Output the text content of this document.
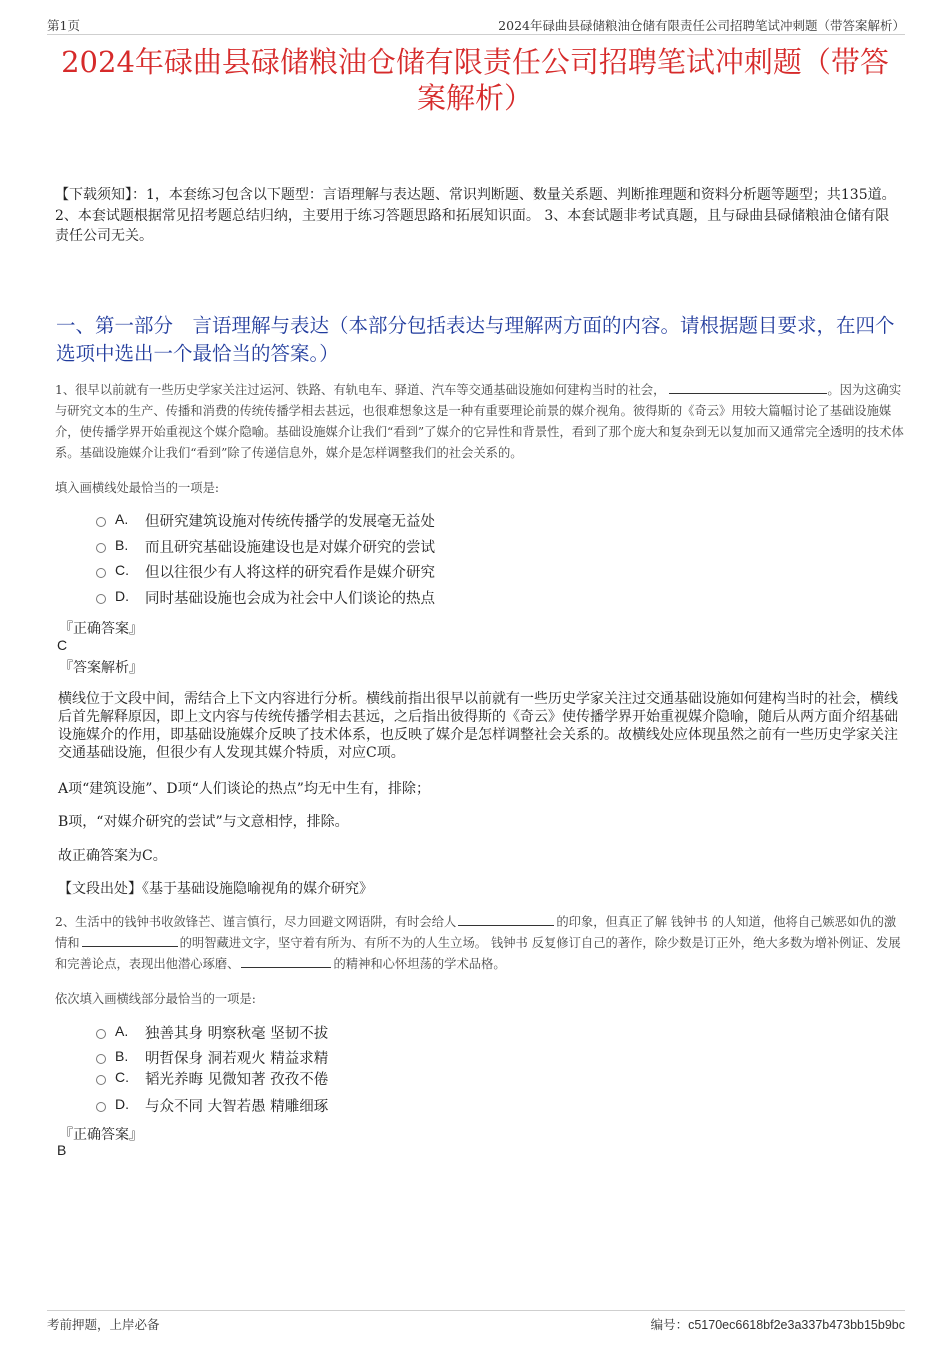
第1页	2024年碌曲县碌储粮油仓储有限责任公司招聘笔试冲刺题（带答案解析）
2024年碌曲县碌储粮油仓储有限责任公司招聘笔试冲刺题（带答案解析）

【下载须知】：1，本套练习包含以下题型：言语理解与表达题、常识判断题、数量关系题、判断推理题和资料分析题等题型；共135道。 2、本套试题根据常见招考题总结归纳，主要用于练习答题思路和拓展知识面。 3、本套试题非考试真题，且与碌曲县碌储粮油仓储有限责任公司无关。

一、第一部分　言语理解与表达（本部分包括表达与理解两方面的内容。请根据题目要求，在四个选项中选出一个最恰当的答案。）

1、很早以前就有一些历史学家关注过运河、铁路、有轨电车、驿道、汽车等交通基础设施如何建构当时的社会，	。因为这确实与研究文本的生产、传播和消费的传统传播学相去甚远，也很难想象这是一种有重要理论前景的媒介视角。彼得斯的《奇云》用较大篇幅讨论了基础设施媒介，使传播学界开始重视这个媒介隐喻。基础设施媒介让我们“看到”了媒介的它异性和背景性，看到了那个庞大和复杂到无以复加而又通常完全透明的技术体系。基础设施媒介让我们“看到”除了传递信息外，媒介是怎样调整我们的社会关系的。

填入画横线处最恰当的一项是:

A. 但研究建筑设施对传统传播学的发展毫无益处
B. 而且研究基础设施建设也是对媒介研究的尝试
C. 但以往很少有人将这样的研究看作是媒介研究
D. 同时基础设施也会成为社会中人们谈论的热点

『正确答案』

C

『答案解析』

横线位于文段中间，需结合上下文内容进行分析。横线前指出很早以前就有一些历史学家关注过交通基础设施如何建构当时的社会，横线后首先解释原因，即上文内容与传统传播学相去甚远，之后指出彼得斯的《奇云》使传播学界开始重视媒介隐喻，随后从两方面介绍基础设施媒介的作用，即基础设施媒介反映了技术体系，也反映了媒介是怎样调整社会关系的。故横线处应体现虽然之前有一些历史学家关注交通基础设施，但很少有人发现其媒介特质，对应C项。

A项“建筑设施”、D项“人们谈论的热点”均无中生有，排除；

B项，“对媒介研究的尝试”与文意相悖，排除。

故正确答案为C。

【文段出处】《基于基础设施隐喻视角的媒介研究》

2、生活中的钱钟书收敛锋芒、谨言慎行，尽力回避文网语阱，有时会给人	的印象，但真正了解 钱钟书 的人知道，他将自己嫉恶如仇的激情和	的明智藏进文字，坚守着有所为、有所不为的人生立场。 钱钟书 反复修订自己的著作，除少数是订正外，绝大多数为增补例证、发展和完善论点，表现出他潜心琢磨、	的精神和心怀坦荡的学术品格。

依次填入画横线部分最恰当的一项是:

A. 独善其身 明察秋毫 坚韧不拔
B. 明哲保身 洞若观火 精益求精
C. 韬光养晦 见微知著 孜孜不倦
D. 与众不同 大智若愚 精雕细琢

『正确答案』

B

考前押题，上岸必备	编号：c5170ec6618bf2e3a337b473bb15b9bc
